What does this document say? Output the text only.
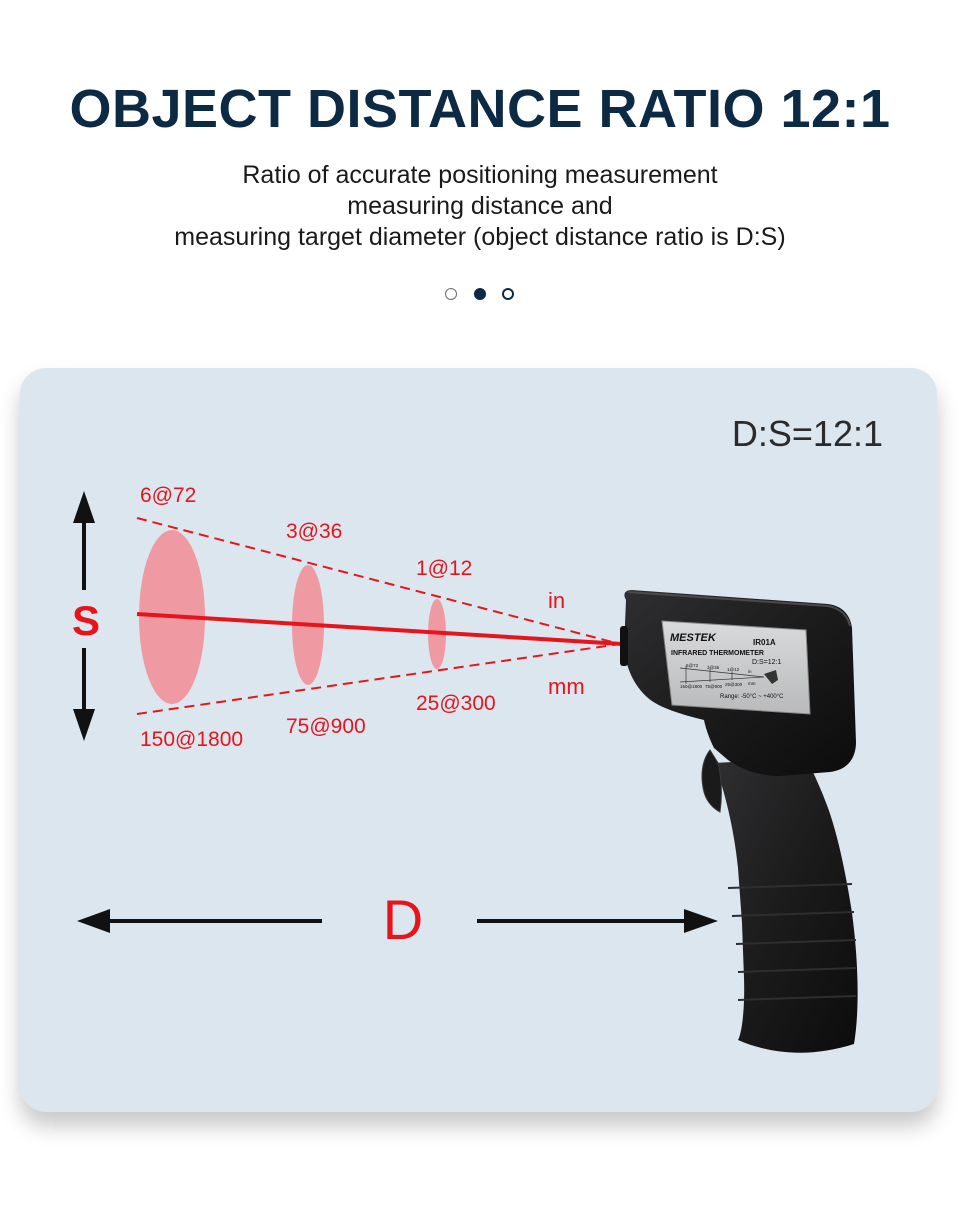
OBJECT DISTANCE RATIO 12:1
Ratio of accurate positioning measurement
measuring distance and
measuring target diameter (object distance ratio is D:S)
D:S=12:1
6@72
3@36
1@12
in
150@1800
75@900
25@300
mm
S
D
MESTEK	IR01A
INFRARED THERMOMETER
D:S=12:1
6@72 3@36 1@12 in
150@1800 75@900 25@300 mm
Range: -50°C ~ +400°C
